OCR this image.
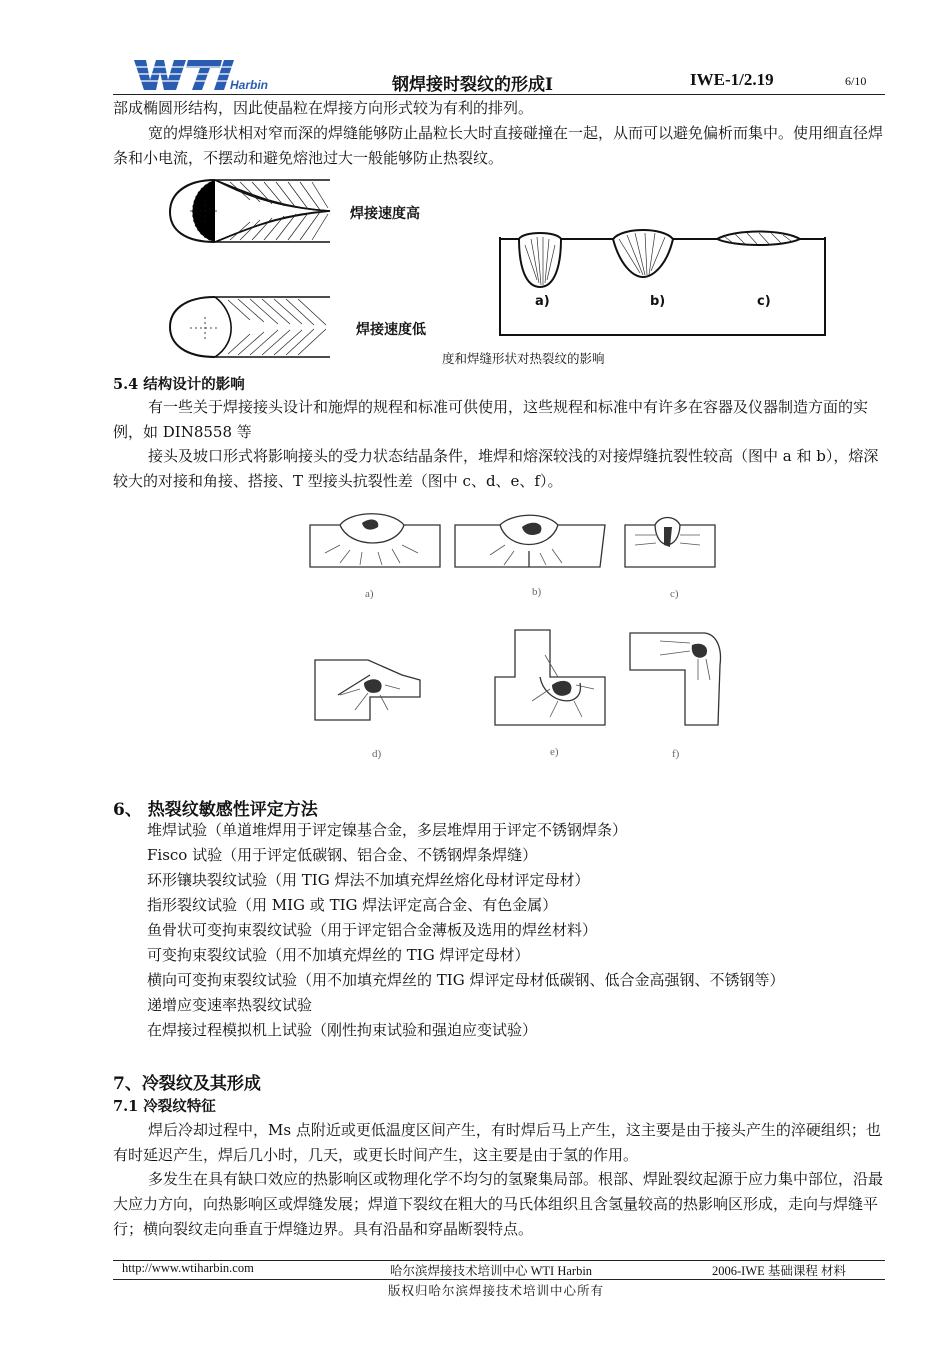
Harbin	钢焊接时裂纹的形成Ⅰ	IWE-1/2.19	6/10
部成椭圆形结构，因此使晶粒在焊接方向形式较为有利的排列。
宽的焊缝形状相对窄而深的焊缝能够防止晶粒长大时直接碰撞在一起，从而可以避免偏析而集中。使用细直径焊条和小电流，不摆动和避免熔池过大一般能够防止热裂纹。
焊接速度高
焊接速度低
a)	b)	c)
度和焊缝形状对热裂纹的影响
5.4 结构设计的影响
有一些关于焊接接头设计和施焊的规程和标准可供使用，这些规程和标准中有许多在容器及仪器制造方面的实例，如 DIN8558 等
接头及坡口形式将影响接头的受力状态结晶条件，堆焊和熔深较浅的对接焊缝抗裂性较高（图中 a 和 b），熔深较大的对接和角接、搭接、T 型接头抗裂性差（图中 c、d、e、f）。
a)	b)	c)
d)	e)	f)
6、 热裂纹敏感性评定方法
堆焊试验（单道堆焊用于评定镍基合金，多层堆焊用于评定不锈钢焊条）
Fisco 试验（用于评定低碳钢、铝合金、不锈钢焊条焊缝）
环形镶块裂纹试验（用 TIG 焊法不加填充焊丝熔化母材评定母材）
指形裂纹试验（用 MIG 或 TIG 焊法评定高合金、有色金属）
鱼骨状可变拘束裂纹试验（用于评定铝合金薄板及选用的焊丝材料）
可变拘束裂纹试验（用不加填充焊丝的 TIG 焊评定母材）
横向可变拘束裂纹试验（用不加填充焊丝的 TIG 焊评定母材低碳钢、低合金高强钢、不锈钢等）
递增应变速率热裂纹试验
在焊接过程模拟机上试验（刚性拘束试验和强迫应变试验）
7、冷裂纹及其形成
7.1 冷裂纹特征
焊后冷却过程中，Ms 点附近或更低温度区间产生，有时焊后马上产生，这主要是由于接头产生的淬硬组织；也有时延迟产生，焊后几小时，几天，或更长时间产生，这主要是由于氢的作用。
多发生在具有缺口效应的热影响区或物理化学不均匀的氢聚集局部。根部、焊趾裂纹起源于应力集中部位，沿最大应力方向，向热影响区或焊缝发展；焊道下裂纹在粗大的马氏体组织且含氢量较高的热影响区形成，走向与焊缝平行；横向裂纹走向垂直于焊缝边界。具有沿晶和穿晶断裂特点。
http://www.wtiharbin.com	哈尔滨焊接技术培训中心 WTI Harbin	2006-IWE 基础课程 材料
版权归哈尔滨焊接技术培训中心所有
